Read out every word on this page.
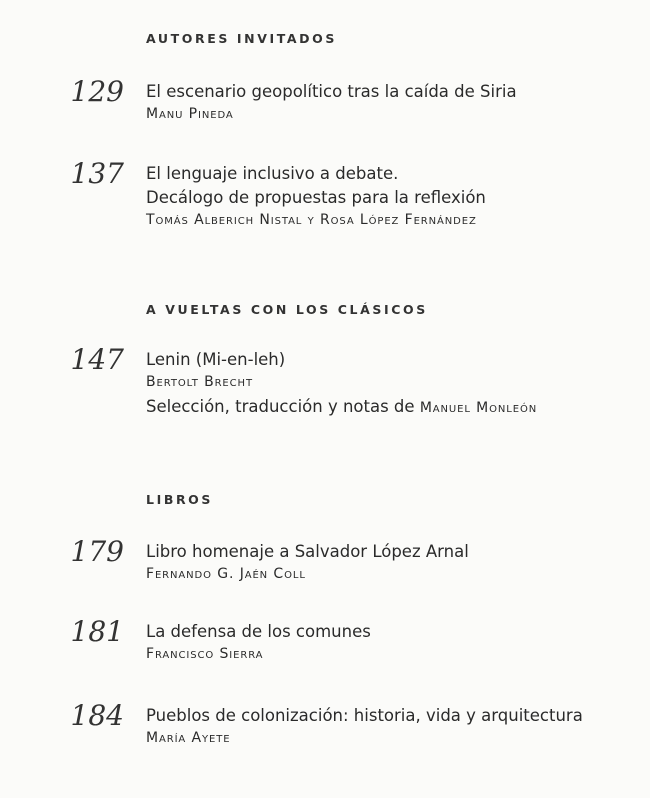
AUTORES INVITADOS
129 El escenario geopolítico tras la caída de Siria
Manu Pineda
137 El lenguaje inclusivo a debate.
Decálogo de propuestas para la reflexión
Tomás Alberich Nistal y Rosa López Fernández
A VUELTAS CON LOS CLÁSICOS
147 Lenin (Mi-en-leh)
Bertolt Brecht
Selección, traducción y notas de Manuel Monleón
LIBROS
179 Libro homenaje a Salvador López Arnal
Fernando G. Jaén Coll
181 La defensa de los comunes
Francisco Sierra
184 Pueblos de colonización: historia, vida y arquitectura
María Ayete
